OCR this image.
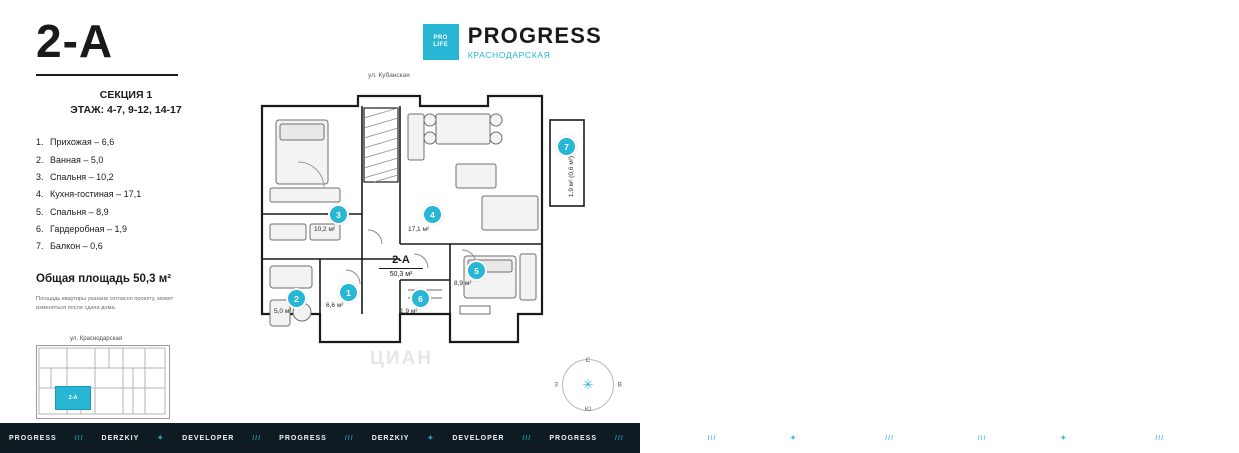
2-А
СЕКЦИЯ 1
ЭТАЖ: 4-7, 9-12, 14-17
1. Прихожая – 6,6
2. Ванная – 5,0
3. Спальня – 10,2
4. Кухня-гостиная – 17,1
5. Спальня – 8,9
6. Гардеробная – 1,9
7. Балкон – 0,6
Общая площадь 50,3 м²
Площадь квартиры указана согласно проекту, может изменяться после сдачи дома.
ул. Краснодарская
2-А
PRO
LIFE PROGRESS
КРАСНОДАРСКАЯ
ул. Кубанская
3
10,2 м²
4
17,1 м²
5
8,9 м²
2
5,0 м²
1
6,6 м²
6
1,9 м²
7
1,9 м² (0,6 м²)
2-А
50,3 м²
ЦИАН
✳
С
Ю
З	В
PROGRESS	///	DERZKIY	✦	DEVELOPER	///	PROGRESS	///	DERZKIY	✦	DEVELOPER	///	PROGRESS	///	PROGRESS	///	DERZKIY	✦	DEVELOPER	///	PROGRESS	///	DERZKIY	✦	DEVELOPER	///	PROGRESS
